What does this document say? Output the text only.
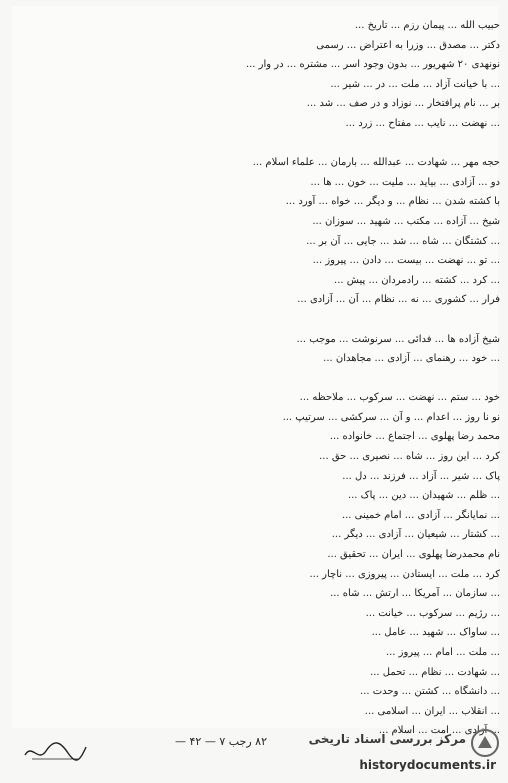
حبیب الله ... پیمان رزم ... تاریخ ...
دکتر ... مصدق ... وزرا به اعتراض ... رسمی
نونهدی ۲۰ شهریور ... بدون وجود اسر ... مشتره ... در وار ...
... با خیانت آزاد ... ملت ... در ... شیر ...
بر ... نام پرافتخار ... نوزاد و در صف ... شد ...
... نهضت ... نایب ... مفتاح ... زرد ...
حجه مهر ... شهادت ... عبدالله ... بارمان ... علماء اسلام ...
دو ... آزادی ... بیاید ... ملیت ... خون ... ها ...
با کشته شدن ... نظام ... و دیگر ... خواه ... آورد ...
شیخ ... آزاده ... مکتب ... شهید ... سوزان ...
... کشتگان ... شاه ... شد ... جایی ... آن بر ...
... تو ... نهضت ... بیست ... دادن ... پیروز ...
... کرد ... کشته ... رادمردان ... پیش ...
فرار ... کشوری ... نه ... نظام ... آن ... آزادی ...
شیخ آزاده ها ... فدائی ... سرنوشت ... موجب ...
... خود ... رهنمای ... آزادی ... مجاهدان ...
خود ... ستم ... نهضت ... سرکوب ... ملاحظه ...
نو نا روز ... اعدام ... و آن ... سرکشی ... سرتیپ ...
محمد رضا پهلوی ... اجتماع ... خانواده ...
کرد ... این روز ... شاه ... نصیری ... حق ...
پاک ... شیر ... آزاد ... فرزند ... دل ...
... ظلم ... شهیدان ... دین ... پاک ...
... نمایانگر ... آزادی ... امام خمینی ...
... کشتار ... شیعیان ... آزادی ... دیگر ...
نام محمدرضا پهلوی ... ایران ... تحقیق ...
کرد ... ملت ... ایستادن ... پیروزی ... ناچار ...
... سازمان ... آمریکا ... ارتش ... شاه ...
... رژیم ... سرکوب ... خیانت ...
... ساواک ... شهید ... عامل ...
... ملت ... امام ... پیروز ...
... شهادت ... نظام ... تحمل ...
... دانشگاه ... کشتن ... وحدت ...
... انقلاب ... ایران ... اسلامی ...
... آزادی ... امت ... اسلام ...
۸۲ رجب ۷ — ۴۲ —	مرکز بررسی اسناد تاریخی
historydocuments.ir
